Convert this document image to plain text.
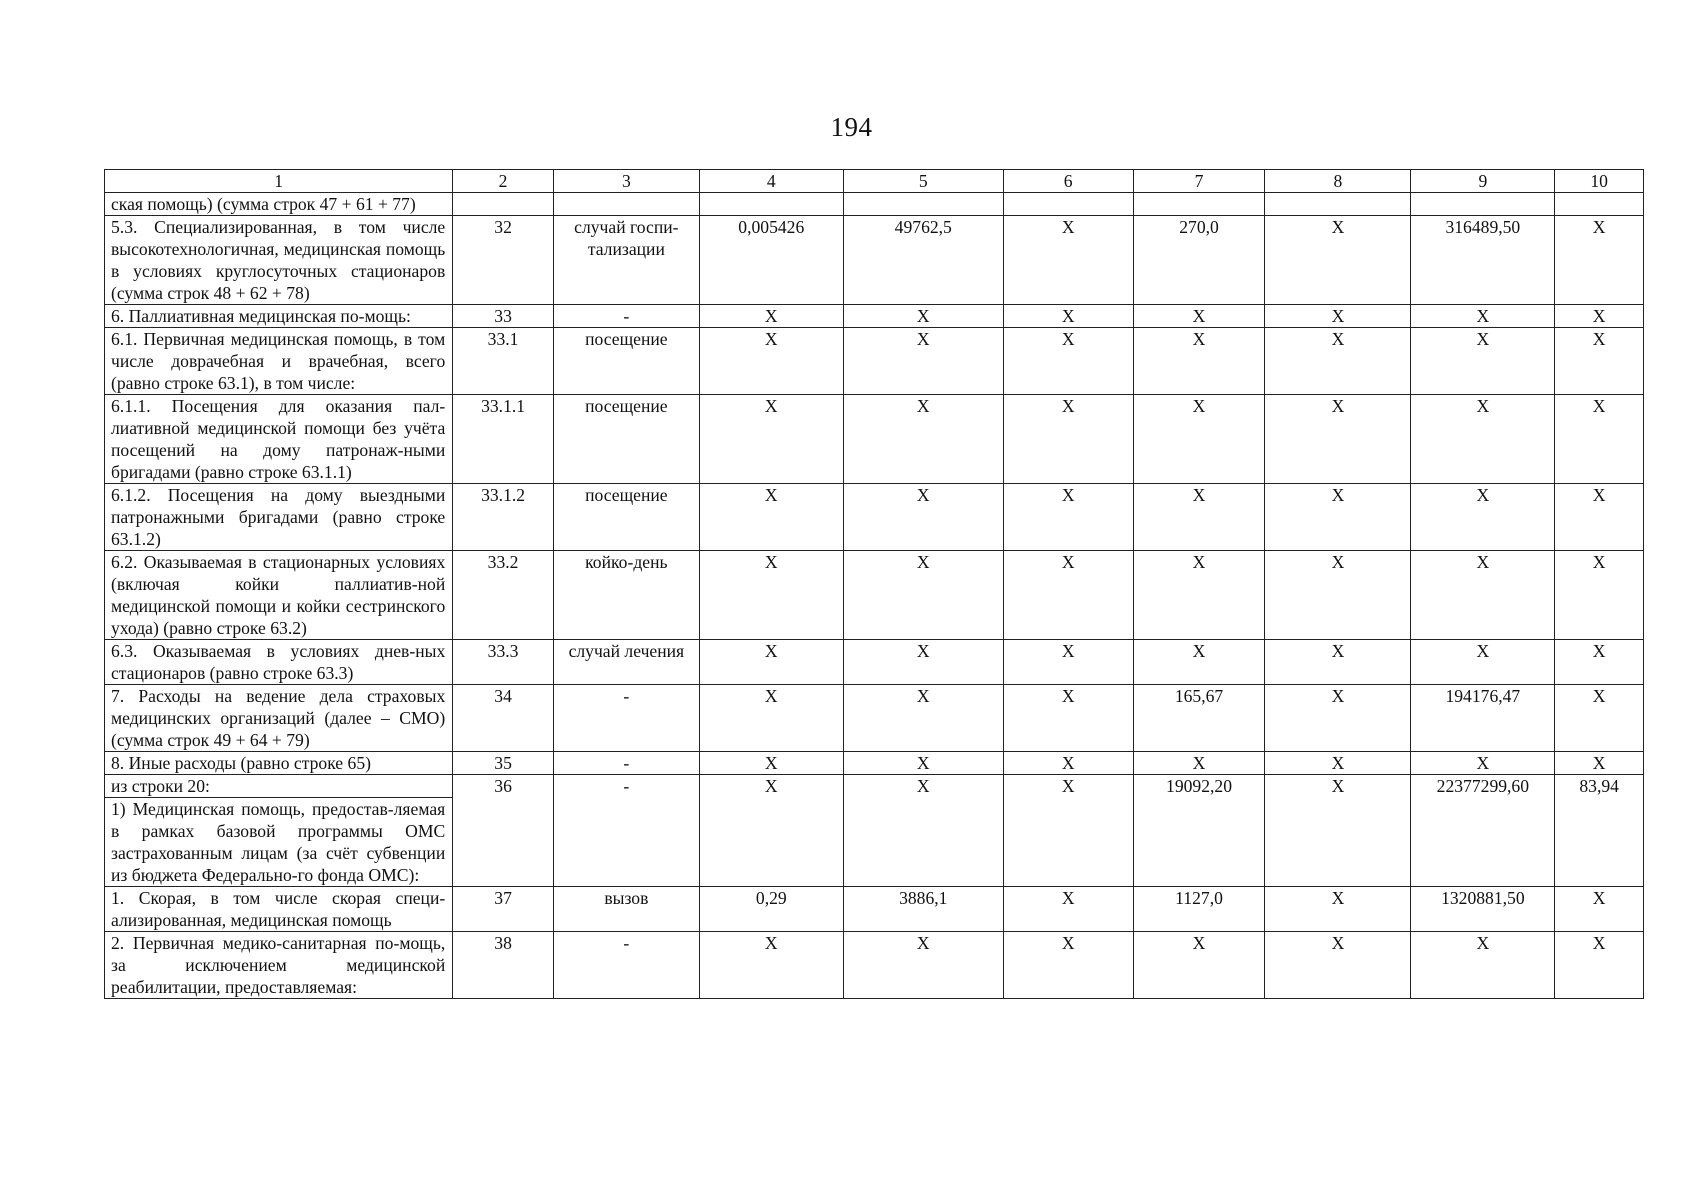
194
1	2	3	4	5	6	7	8	9	10
ская помощь) (сумма строк 47 + 61 + 77)									
5.3. Специализированная, в том числе высокотехнологичная, медицинская помощь в условиях круглосуточных стационаров (сумма строк 48 + 62 + 78)	32	случай госпи-тализации	0,005426	49762,5	X	270,0	X	316489,50	X
6. Паллиативная медицинская по-мощь:	33	-	X	X	X	X	X	X	X
6.1. Первичная медицинская помощь, в том числе доврачебная и врачебная, всего (равно строке 63.1), в том числе:	33.1	посещение	X	X	X	X	X	X	X
6.1.1. Посещения для оказания пал-лиативной медицинской помощи без учёта посещений на дому патронаж-ными бригадами (равно строке 63.1.1)	33.1.1	посещение	X	X	X	X	X	X	X
6.1.2. Посещения на дому выездными патронажными бригадами (равно строке 63.1.2)	33.1.2	посещение	X	X	X	X	X	X	X
6.2. Оказываемая в стационарных условиях (включая койки паллиатив-ной медицинской помощи и койки сестринского ухода) (равно строке 63.2)	33.2	койко-день	X	X	X	X	X	X	X
6.3. Оказываемая в условиях днев-ных стационаров (равно строке 63.3)	33.3	случай лечения	X	X	X	X	X	X	X
7. Расходы на ведение дела страховых медицинских организаций (далее – СМО) (сумма строк 49 + 64 + 79)	34	-	X	X	X	165,67	X	194176,47	X
8. Иные расходы (равно строке 65)	35	-	X	X	X	X	X	X	X

из строки 20:
1) Медицинская помощь, предостав-ляемая в рамках базовой программы ОМС застрахованным лицам (за счёт субвенции из бюджета Федерально-го фонда ОМС):	36	-	X	X	X	19092,20	X	22377299,60	83,94
1. Скорая, в том числе скорая специ-ализированная, медицинская помощь	37	вызов	0,29	3886,1	X	1127,0	X	1320881,50	X
2. Первичная медико-санитарная по-мощь, за исключением медицинской реабилитации, предоставляемая:	38	-	X	X	X	X	X	X	X
